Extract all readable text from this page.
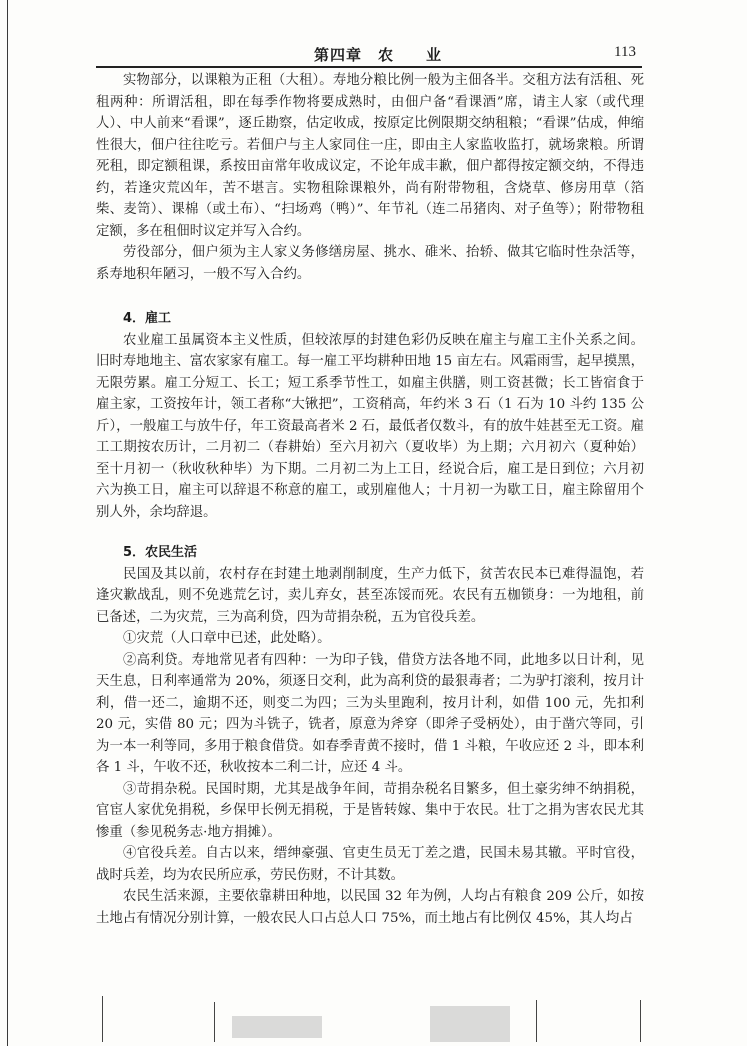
第四章　农　　业	113

实物部分，以课粮为正租（大租）。寿地分粮比例一般为主佃各半。交租方法有活租、死租两种：所谓活租，即在每季作物将要成熟时，由佃户备“看课酒”席，请主人家（或代理人）、中人前来“看课”，逐丘勘察，估定收成，按原定比例限期交纳租粮；“看课”估成，伸缩性很大，佃户往往吃亏。若佃户与主人家同住一庄，即由主人家监收监打，就场衆粮。所谓死租，即定额租课，系按田亩常年收成议定，不论年成丰歉，佃户都得按定额交纳，不得违约，若逢灾荒凶年，苦不堪言。实物租除课粮外，尚有附带物租，含烧草、修房用草（箔柴、麦笥）、课棉（或土布）、“扫场鸡（鸭）”、年节礼（连二吊猪肉、对子鱼等）；附带物租定额，多在租佃时议定并写入合约。

劳役部分，佃户须为主人家义务修缮房屋、挑水、碓米、抬轿、做其它临时性杂活等，系寿地积年陋习，一般不写入合约。

4．雇工

农业雇工虽属资本主义性质，但较浓厚的封建色彩仍反映在雇主与雇工主仆关系之间。旧时寿地地主、富农家家有雇工。每一雇工平均耕种田地 15 亩左右。风霜雨雪，起早摸黑，无限劳累。雇工分短工、长工；短工系季节性工，如雇主供膳，则工资甚微；长工皆宿食于雇主家，工资按年计，领工者称“大锹把”，工资稍高，年约米 3 石（1 石为 10 斗约 135 公斤），一般雇工与放牛仔，年工资最高者米 2 石，最低者仅数斗，有的放牛娃甚至无工资。雇工工期按农历计，二月初二（春耕始）至六月初六（夏收毕）为上期；六月初六（夏种始）至十月初一（秋收秋种毕）为下期。二月初二为上工日，经说合后，雇工是日到位；六月初六为换工日，雇主可以辞退不称意的雇工，或别雇他人；十月初一为歇工日，雇主除留用个别人外，余均辞退。

5．农民生活

民国及其以前，农村存在封建土地剥削制度，生产力低下，贫苦农民本已难得温饱，若逢灾歉战乱，则不免逃荒乞讨，卖儿弃女，甚至冻馁而死。农民有五枷锁身：一为地租，前已备述，二为灾荒，三为高利贷，四为苛捐杂税，五为官役兵差。

①灾荒（人口章中已述，此处略）。

②高利贷。寿地常见者有四种：一为印子钱，借贷方法各地不同，此地多以日计利，见天生息，日利率通常为 20%，须逐日交利，此为高利贷的最狠毒者；二为驴打滚利，按月计利，借一还二，逾期不还，则变二为四；三为头里跑利，按月计利，如借 100 元，先扣利 20 元，实借 80 元；四为斗铣子，铣者，原意为斧穿（即斧子受柄处），由于凿穴等同，引为一本一利等同，多用于粮食借贷。如春季青黄不接时，借 1 斗粮，午收应还 2 斗，即本利各 1 斗，午收不还，秋收按本二利二计，应还 4 斗。

③苛捐杂税。民国时期，尤其是战争年间，苛捐杂税名目繁多，但土豪劣绅不纳捐税，官宦人家优免捐税，乡保甲长例无捐税，于是皆转嫁、集中于农民。壮丁之捐为害农民尤其惨重（参见税务志·地方捐摊）。

④官役兵差。自古以来，缙绅豪强、官吏生员无丁差之遣，民国未易其辙。平时官役，战时兵差，均为农民所应承，劳民伤财，不计其数。

农民生活来源，主要依靠耕田种地，以民国 32 年为例，人均占有粮食 209 公斤，如按土地占有情况分别计算，一般农民人口占总人口 75%，而土地占有比例仅 45%，其人均占
